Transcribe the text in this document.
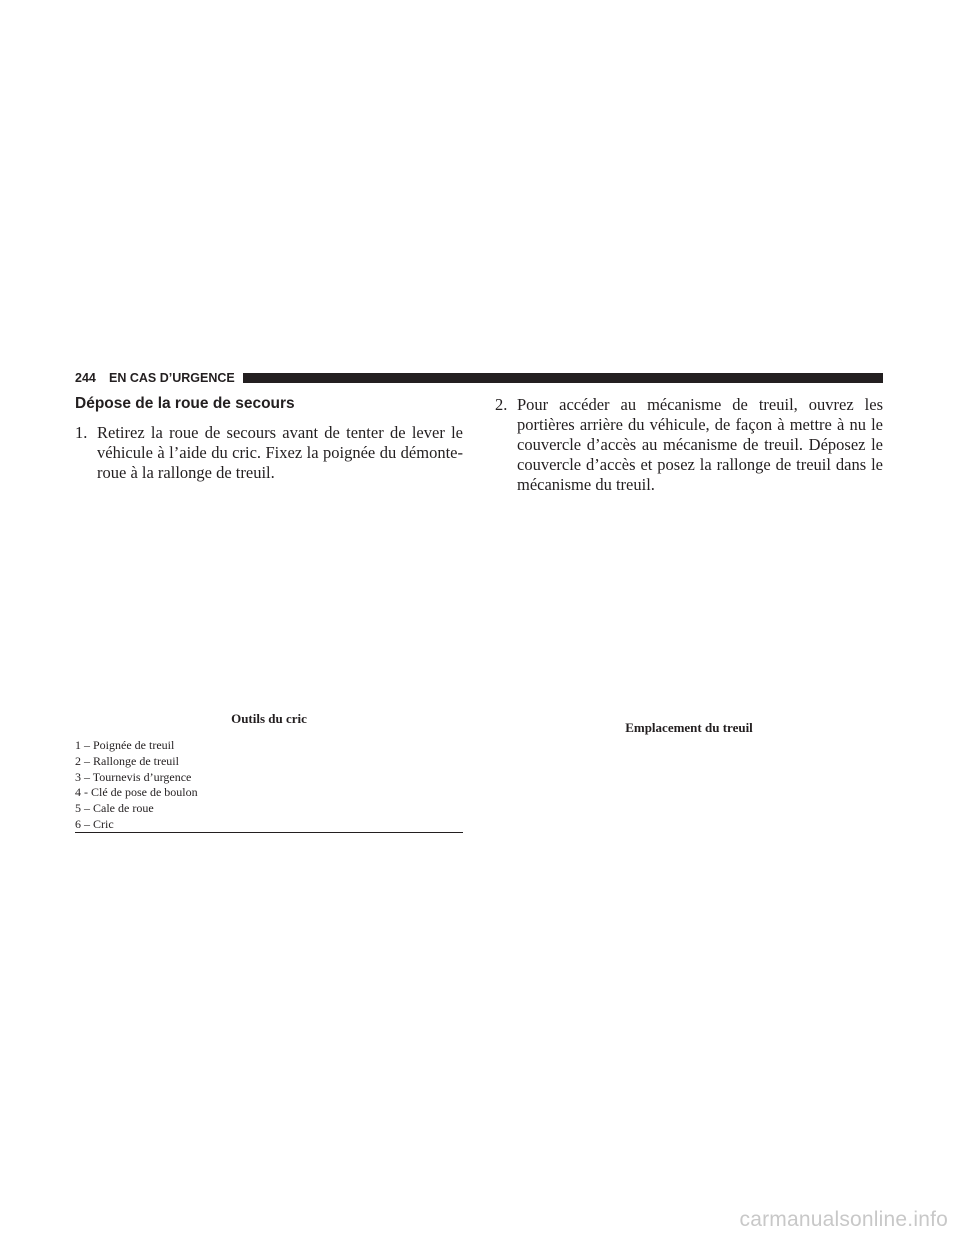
244 EN CAS D’URGENCE
Dépose de la roue de secours

1. Retirez la roue de secours avant de tenter de lever le véhicule à l’aide du cric. Fixez la poignée du démonte-roue à la rallonge de treuil.

2. Pour accéder au mécanisme de treuil, ouvrez les portières arrière du véhicule, de façon à mettre à nu le couvercle d’accès au mécanisme de treuil. Déposez le couvercle d’accès et posez la rallonge de treuil dans le mécanisme du treuil.

Outils du cric
Emplacement du treuil
1 – Poignée de treuil
2 – Rallonge de treuil
3 – Tournevis d’urgence
4 - Clé de pose de boulon
5 – Cale de roue
6 – Cric
carmanualsonline.info
